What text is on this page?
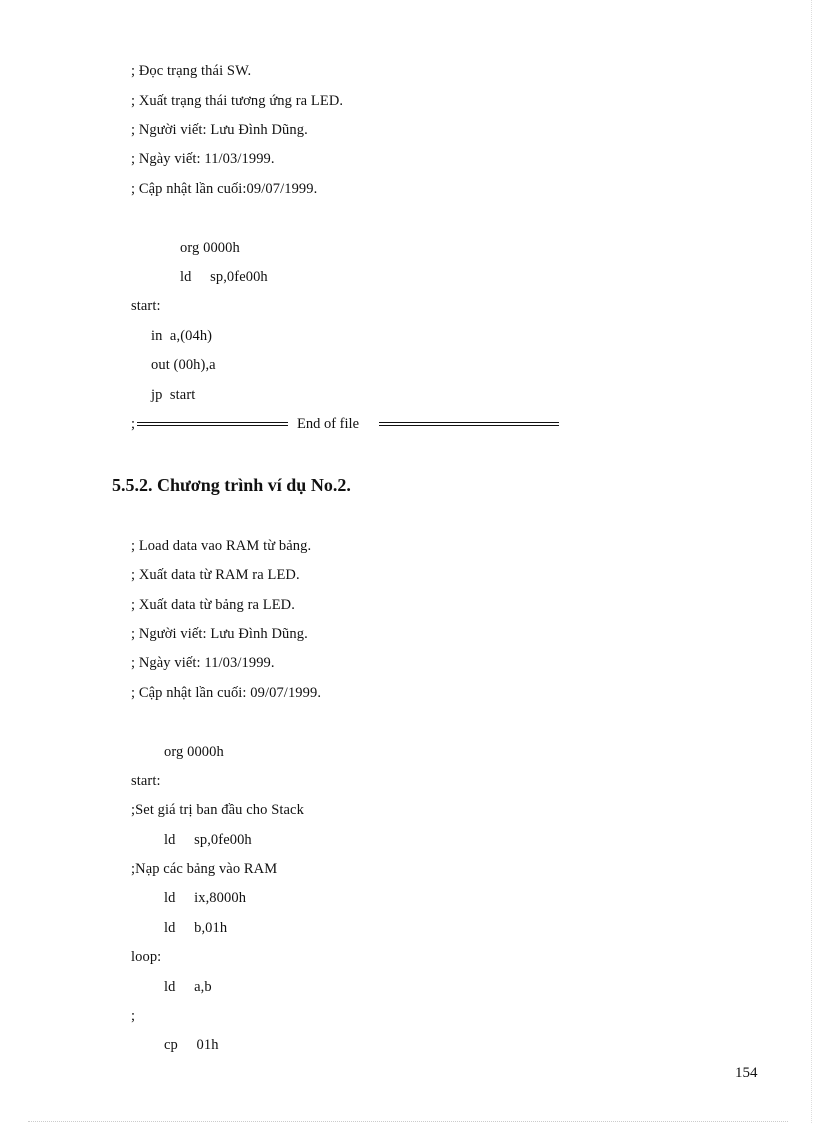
; Đọc trạng thái SW.
; Xuất trạng thái tương ứng ra LED.
; Người viết: Lưu Đình Dũng.
; Ngày viết: 11/03/1999.
; Cập nhật lần cuối:09/07/1999.
org 0000h
ld     sp,0fe00h
start:
in  a,(04h)
out (00h),a
jp  start
;	End of file
5.5.2. Chương trình ví dụ No.2.
; Load data vao RAM từ bảng.
; Xuất data từ RAM ra LED.
; Xuất data từ bảng ra LED.
; Người viết: Lưu Đình Dũng.
; Ngày viết: 11/03/1999.
; Cập nhật lần cuối: 09/07/1999.
org 0000h
start:
;Set giá trị ban đầu cho Stack
ld     sp,0fe00h
;Nạp các bảng vào RAM
ld     ix,8000h
ld     b,01h
loop:
ld     a,b
;
cp     01h
154
